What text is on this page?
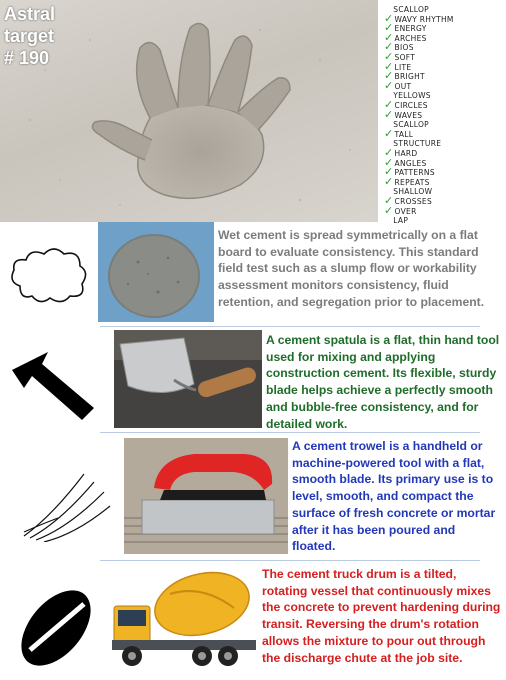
Astral
target
# 190
SCALLOP
✓WAVY RHYTHM
✓ENERGY
✓ARCHES
✓BIOS
✓SOFT
✓LITE
✓BRIGHT
✓OUT
YELLOWS
✓CIRCLES
✓WAVES
SCALLOP
✓TALL
STRUCTURE
✓HARD
✓ANGLES
✓PATTERNS
✓REPEATS
SHALLOW
✓CROSSES
✓OVER
LAP
Wet cement is spread symmetrically on a flat board to evaluate consistency. This standard field test such as a slump flow or workability assessment monitors consistency, fluid retention, and segregation prior to placement.
A cement spatula is a flat, thin hand tool used for mixing and applying construction cement. Its flexible, sturdy blade helps achieve a perfectly smooth and bubble-free consistency, and for detailed work.
A cement trowel is a handheld or machine-powered tool with a flat, smooth blade. Its primary use is to level, smooth, and compact the surface of fresh concrete or mortar after it has been poured and floated.
The cement truck drum is a tilted, rotating vessel that continuously mixes the concrete to prevent hardening during transit. Reversing the drum's rotation allows the mixture to pour out through the discharge chute at the job site.
